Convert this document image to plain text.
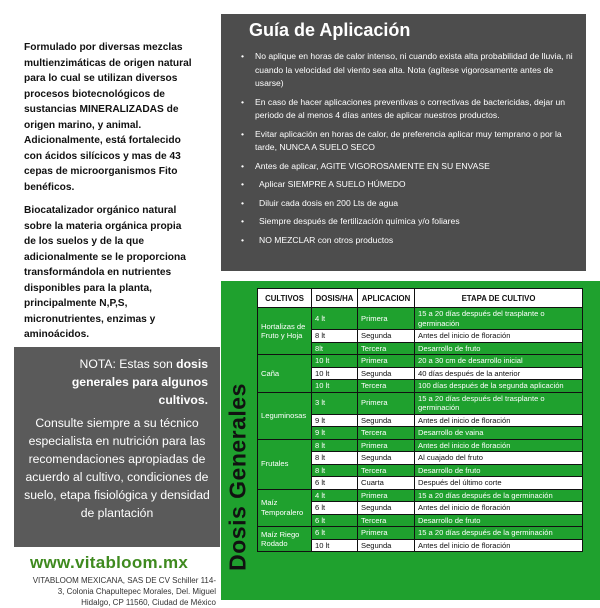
Formulado por diversas mezclas multienzimáticas de origen natural para lo cual se utilizan diversos procesos biotecnológicos de sustancias MINERALIZADAS de origen marino, y animal. Adicionalmente, está fortalecido con ácidos silícicos y mas de 43 cepas de microorganismos Fito benéficos.

Biocatalizador orgánico natural sobre la materia orgánica propia de los suelos y de la que adicionalmente se le proporciona transformándola en nutrientes disponibles para la planta, principalmente N,P,S, micronutrientes, enzimas y aminoácidos.

NOTA: Estas son dosis generales para algunos cultivos.
Consulte siempre a su técnico especialista en nutrición para las recomendaciones apropiadas de acuerdo al cultivo, condiciones de suelo, etapa fisiológica y densidad de plantación
www.vitabloom.mx
VITABLOOM MEXICANA, SAS DE CV Schiller 114-3, Colonia Chapultepec Morales, Del. Miguel Hidalgo, CP 11560, Ciudad de México
Guía de Aplicación
• No aplique en horas de calor intenso, ni cuando exista alta probabilidad de lluvia, ni cuando la velocidad del viento sea alta. Nota (agítese vigorosamente antes de usarse)
• En caso de hacer aplicaciones preventivas o correctivas de bactericidas, dejar un periodo de al menos 4 días antes de aplicar nuestros productos.
• Evitar aplicación en horas de calor, de preferencia aplicar muy temprano o por la tarde, NUNCA A SUELO SECO
• Antes de aplicar, AGITE VIGOROSAMENTE EN SU ENVASE
• Aplicar SIEMPRE A SUELO HÚMEDO
• Diluir cada dosis en 200 Lts de agua
• Siempre después de fertilización química y/o foliares
• NO MEZCLAR con otros productos
Dosis Generales
CULTIVOS	DOSIS/HA	APLICACION	ETAPA DE CULTIVO
Hortalizas de Fruto y Hoja	4 lt	Primera	15 a 20 días después del trasplante o germinación
	8 lt	Segunda	Antes del inicio de floración
	8lt	Tercera	Desarrollo de fruto
Caña	10 lt	Primera	20 a 30 cm de desarrollo inicial
	10 lt	Segunda	40 días después de la anterior
	10 lt	Tercera	100 días después de la segunda aplicación
Leguminosas	3 lt	Primera	15 a 20 días después del trasplante o germinación
	9 lt	Segunda	Antes del inicio de floración
	9 lt	Tercera	Desarrollo de vaina
Frutales	8 lt	Primera	Antes del inicio de floración
	8 lt	Segunda	Al cuajado del fruto
	8 lt	Tercera	Desarrollo de fruto
	6 lt	Cuarta	Después del último corte
Maíz Temporalero	4 lt	Primera	15 a 20 días después de la germinación
	6 lt	Segunda	Antes del inicio de floración
	6 lt	Tercera	Desarrollo de fruto
Maíz Riego Rodado	6 lt	Primera	15 a 20 días después de la germinación
	10 lt	Segunda	Antes del inicio de floración
